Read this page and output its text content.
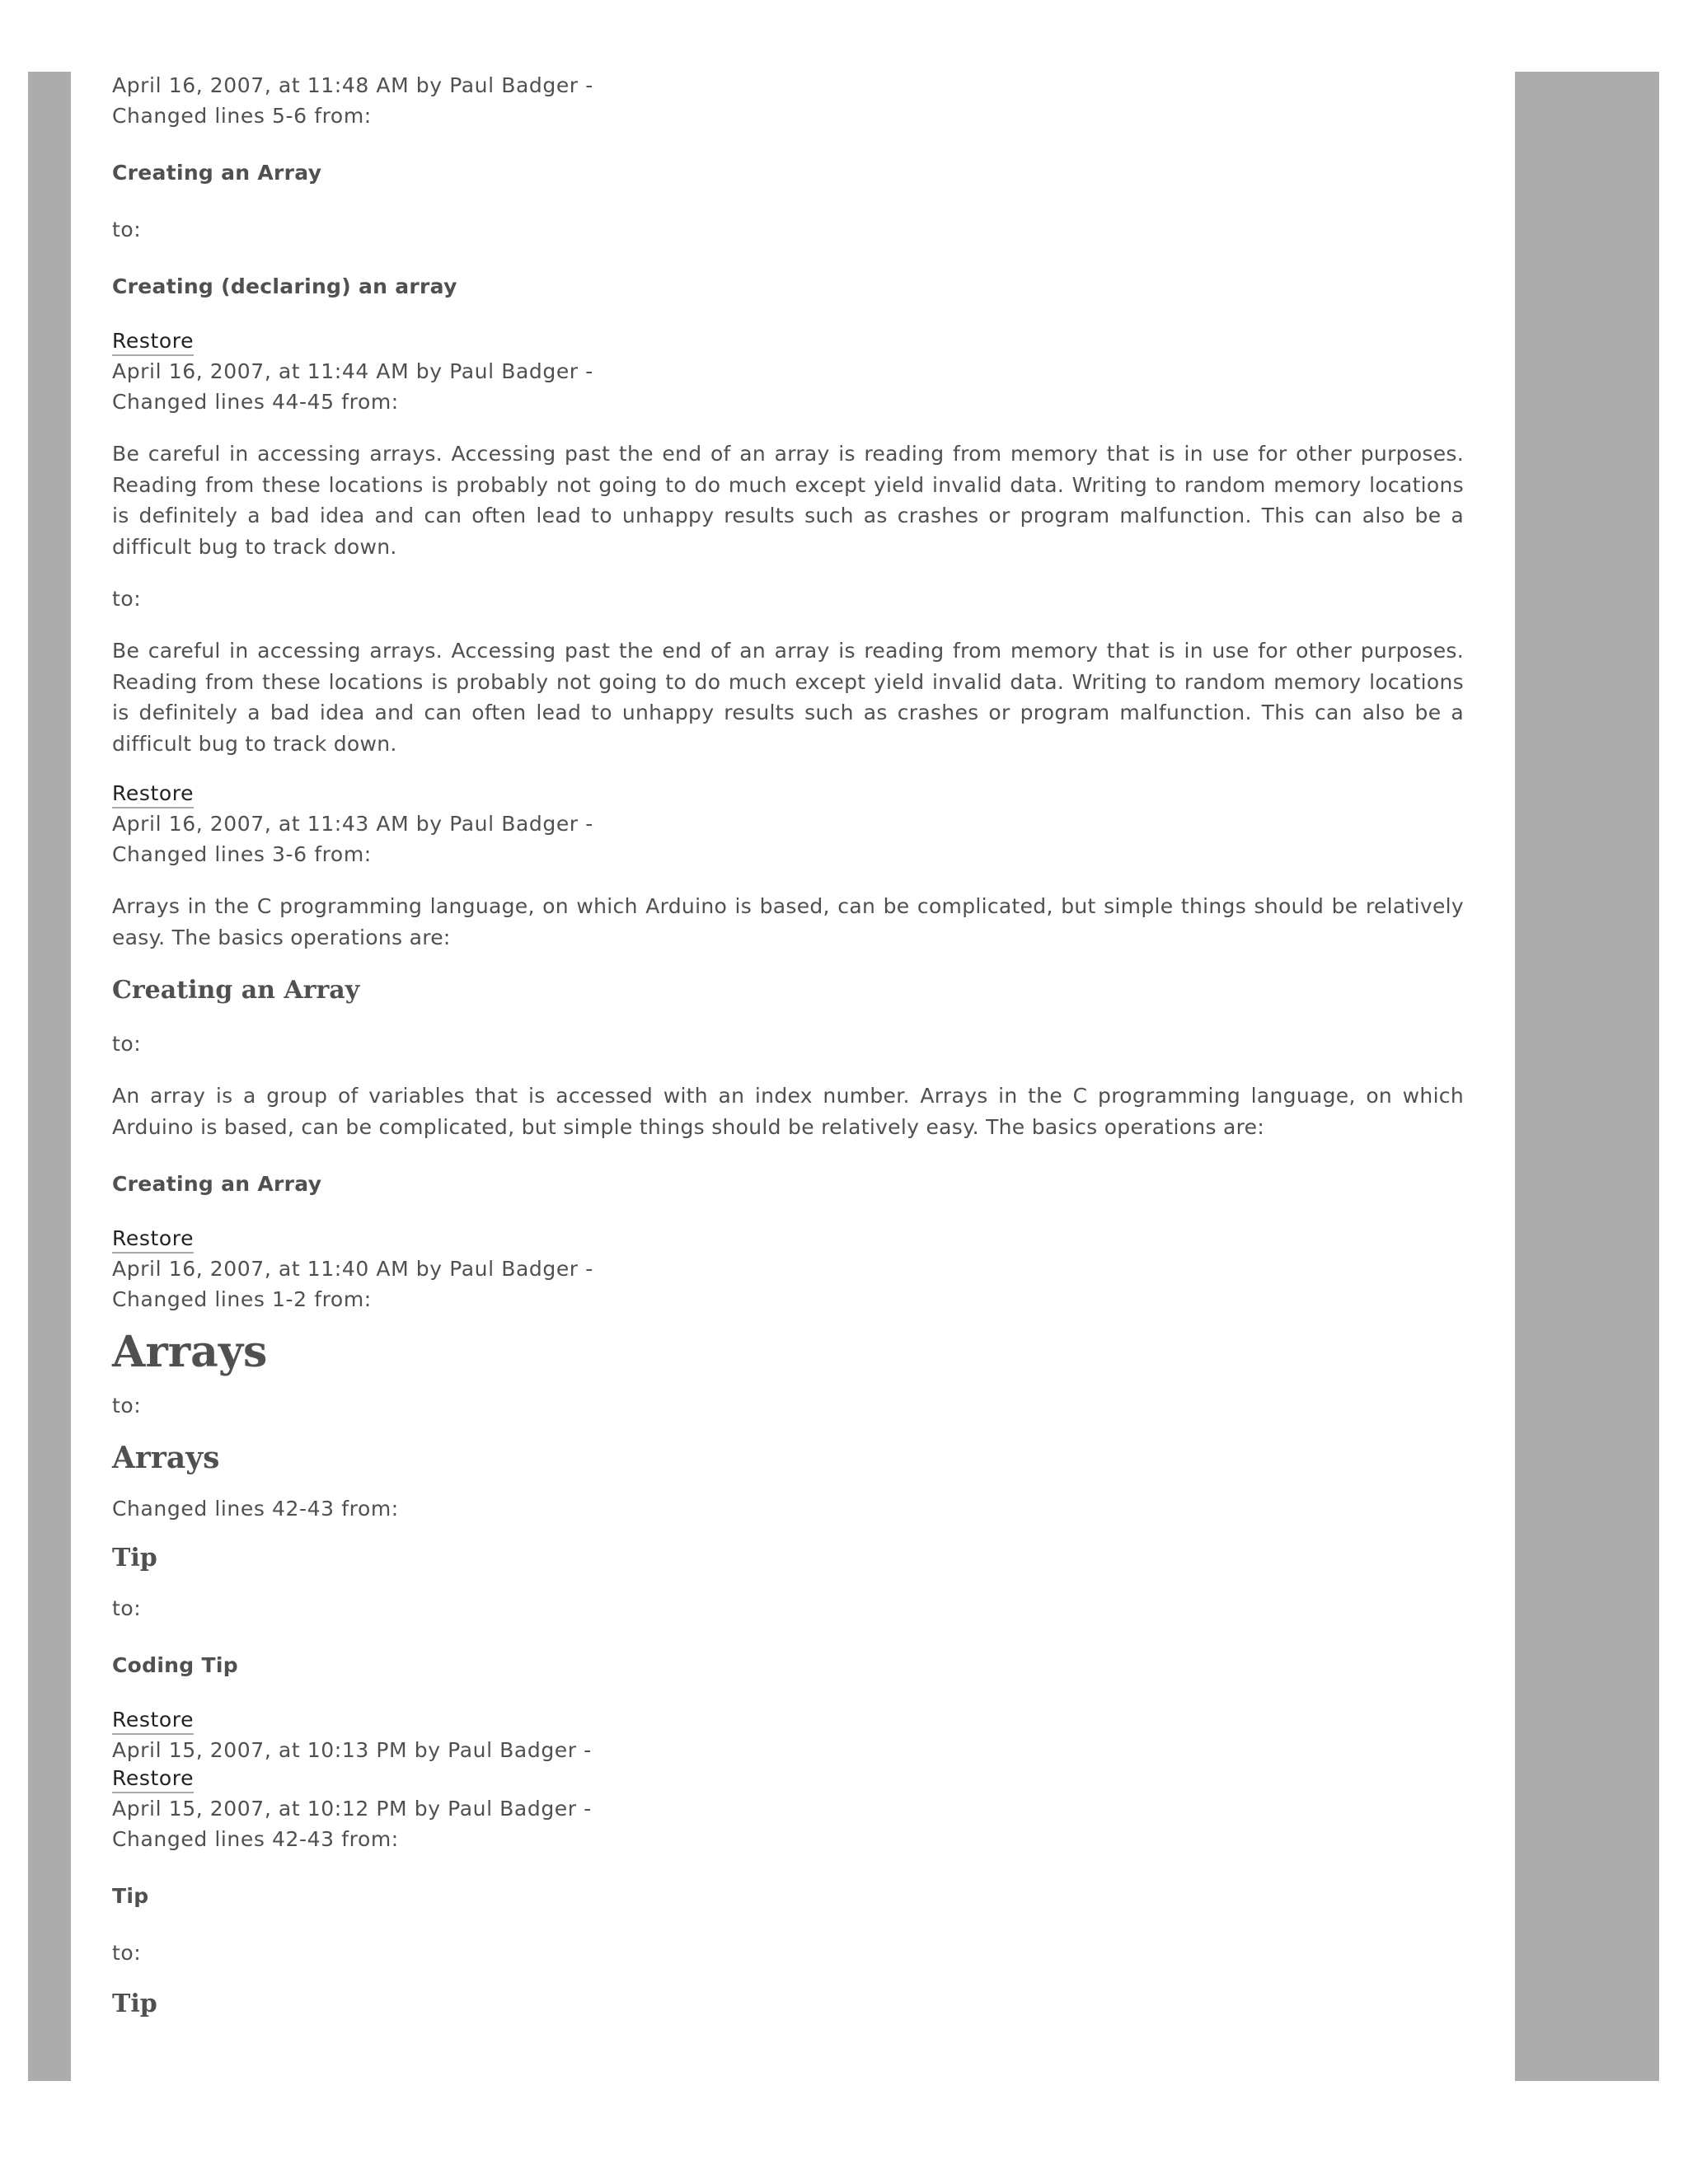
April 16, 2007, at 11:48 AM by Paul Badger -

Changed lines 5-6 from:

Creating an Array

to:

Creating (declaring) an array

Restore

April 16, 2007, at 11:44 AM by Paul Badger -

Changed lines 44-45 from:

Be careful in accessing arrays. Accessing past the end of an array is reading from memory that is in use for other purposes. Reading from these locations is probably not going to do much except yield invalid data. Writing to random memory locations is definitely a bad idea and can often lead to unhappy results such as crashes or program malfunction. This can also be a difficult bug to track down.

to:

Be careful in accessing arrays. Accessing past the end of an array is reading from memory that is in use for other purposes. Reading from these locations is probably not going to do much except yield invalid data. Writing to random memory locations is definitely a bad idea and can often lead to unhappy results such as crashes or program malfunction. This can also be a difficult bug to track down.

Restore

April 16, 2007, at 11:43 AM by Paul Badger -

Changed lines 3-6 from:

Arrays in the C programming language, on which Arduino is based, can be complicated, but simple things should be relatively easy. The basics operations are:

Creating an Array

to:

An array is a group of variables that is accessed with an index number. Arrays in the C programming language, on which Arduino is based, can be complicated, but simple things should be relatively easy. The basics operations are:

Creating an Array

Restore

April 16, 2007, at 11:40 AM by Paul Badger -

Changed lines 1-2 from:

Arrays

to:

Arrays

Changed lines 42-43 from:

Tip

to:

Coding Tip

Restore

April 15, 2007, at 10:13 PM by Paul Badger -

Restore

April 15, 2007, at 10:12 PM by Paul Badger -

Changed lines 42-43 from:

Tip

to:

Tip
